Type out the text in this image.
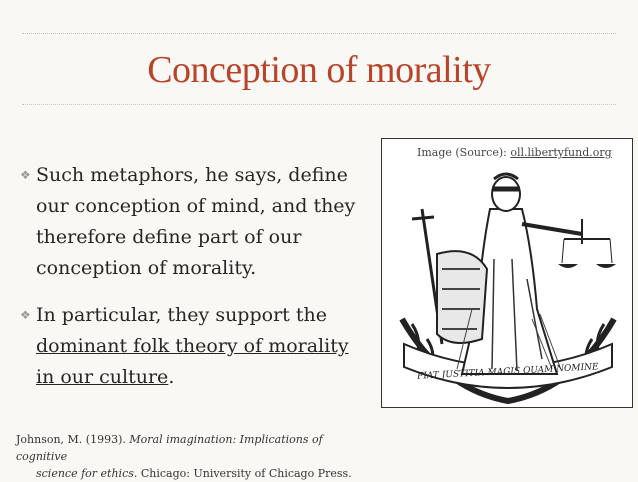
Conception of morality
❖ Such metaphors, he says, define our conception of mind, and they therefore define part of our conception of morality.
❖ In particular, they support the dominant folk theory of morality in our culture.	FIAT JUSTITIA MAGIS QUAM NOMINE
Image (Source): oll.libertyfund.org
Johnson, M. (1993). Moral imagination: Implications of cognitive
science for ethics. Chicago: University of Chicago Press.
